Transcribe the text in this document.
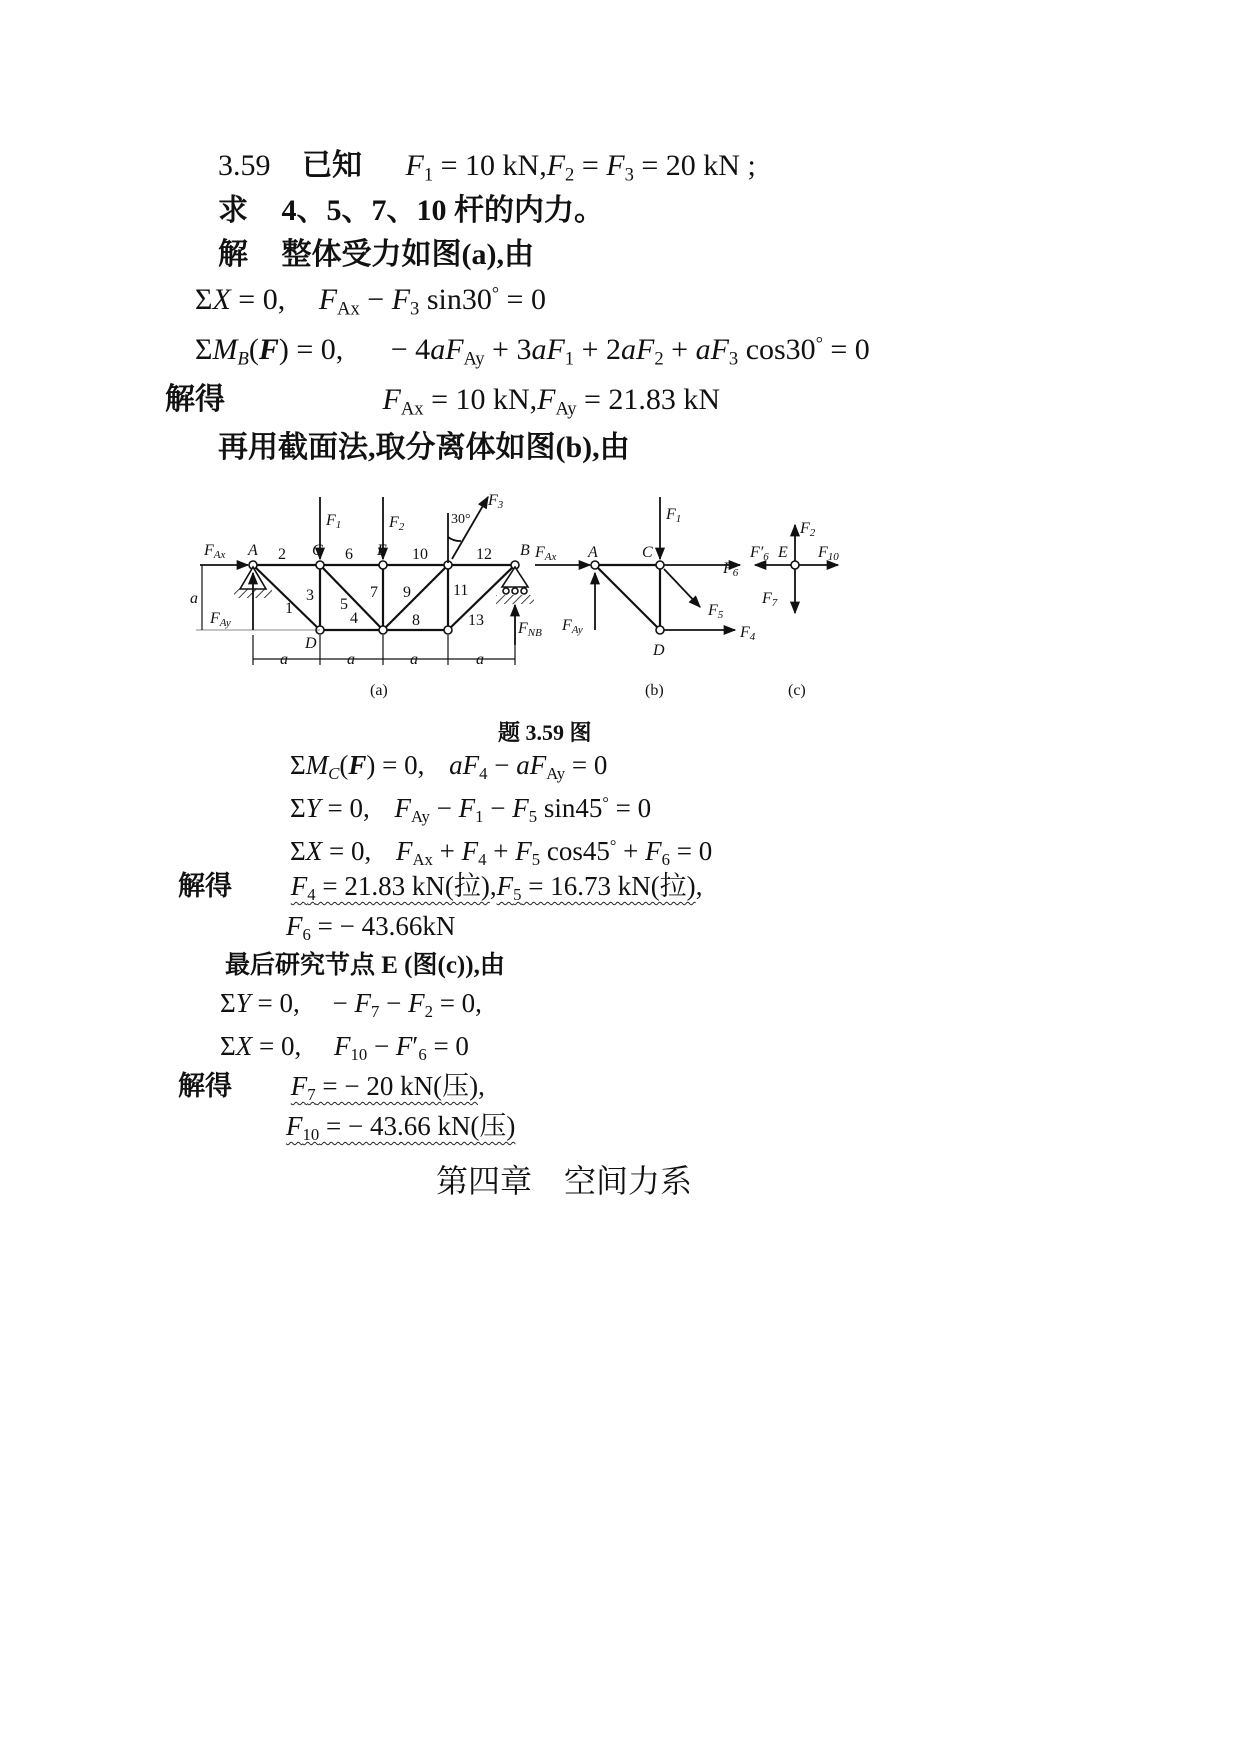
3.59 已知 $F_1 = 10$ $kN,F_2 = F_3 = 20$ kN ;
求 4、5、7、10 杆的内力。
解 整体受力如图(a),由
ΣX = 0, $F_{Ax} - F_3$ sin30° = 0
$\Sigma M_B(F) = 0$, − $4aF_{Ay} + 3aF_1 + 2aF_2 + aF_3$ cos30° = 0
解得	$F_{Ax} = 10$ $kN,F_{Ay} = 21.83$ kN
再用截面法,取分离体如图(b),由
FAx
FAy
a
A	C	E	B
D
F1	F2
F3
30°
FNB
1
2
3
4
5
6
7
8
9
10
11
12
13
a	a	a	a
(a)
FAx
FAy
A	C
D
F1
F6
F5
F4
(b)
F2
F′6 E F10
F7
(c)
题 3.59 图
$\Sigma M_C(F) = 0$, $aF_4 - aF_{Ay} = 0$
ΣY = 0, $F_{Ay} - F_1 - F_5$ sin45° = 0
ΣX = 0, $F_{Ax} + F_4 + F_5$ $\cos 45^\circ + F_6 = 0$
解得 $F_4 = 21.83$ kN(拉)$,F_5 = 16.73$ kN(拉),
$F_6$ = − 43.66kN
最后研究节点 E (图(c)),由
ΣY = 0, − $F_7 - F_2 = 0$,
ΣX = 0, $F_{10} - F'_6 = 0$
解得 $F_7$ = − 20 kN(压),
$F_{10}$ = − 43.66 kN(压)
第四章　空间力系
